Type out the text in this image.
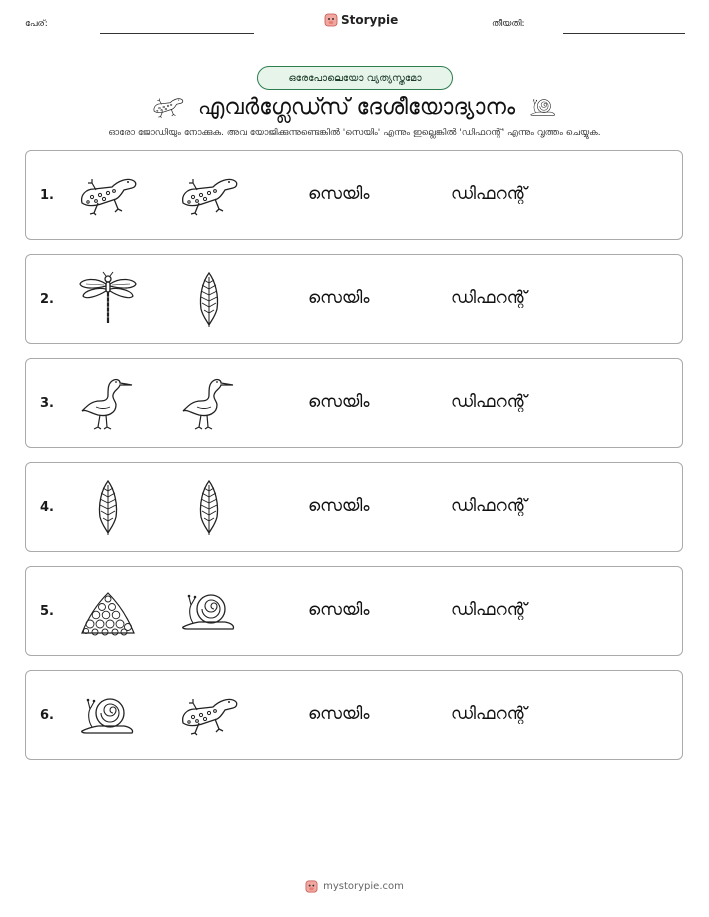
പേര്:	Storypie	തീയതി:
ഒരേപോലെയോ വ്യത്യസ്തമോ
എവർഗ്ലേഡ്സ് ദേശീയോദ്യാനം
ഓരോ ജോഡിയും നോക്കുക. അവ യോജിക്കുന്നുണ്ടെങ്കിൽ 'സെയിം' എന്നും ഇല്ലെങ്കിൽ 'ഡിഫറന്റ്' എന്നും വൃത്തം ചെയ്യുക.
1.	സെയിം	ഡിഫറന്റ്
2.	സെയിം	ഡിഫറന്റ്
3.	സെയിം	ഡിഫറന്റ്
4.	സെയിം	ഡിഫറന്റ്
5.	സെയിം	ഡിഫറന്റ്
6.	സെയിം	ഡിഫറന്റ്
mystorypie.com
